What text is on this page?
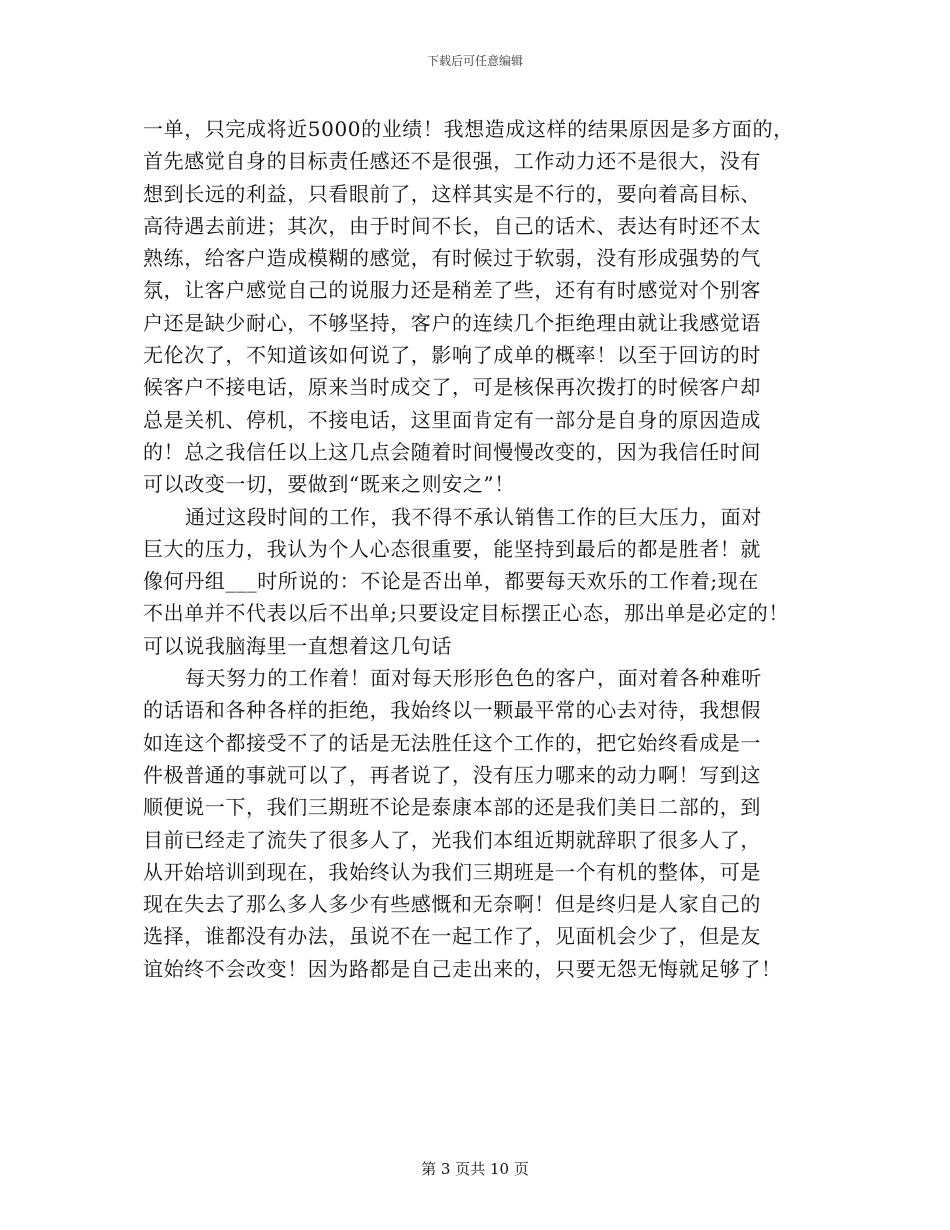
下载后可任意编辑
一单，只完成将近5000的业绩！我想造成这样的结果原因是多方面的，
首先感觉自身的目标责任感还不是很强，工作动力还不是很大，没有
想到长远的利益，只看眼前了，这样其实是不行的，要向着高目标、
高待遇去前进；其次，由于时间不长，自己的话术、表达有时还不太
熟练，给客户造成模糊的感觉，有时候过于软弱，没有形成强势的气
氛，让客户感觉自己的说服力还是稍差了些，还有有时感觉对个别客
户还是缺少耐心，不够坚持，客户的连续几个拒绝理由就让我感觉语
无伦次了，不知道该如何说了，影响了成单的概率！以至于回访的时
候客户不接电话，原来当时成交了，可是核保再次拨打的时候客户却
总是关机、停机，不接电话，这里面肯定有一部分是自身的原因造成
的！总之我信任以上这几点会随着时间慢慢改变的，因为我信任时间
可以改变一切，要做到“既来之则安之”！
通过这段时间的工作，我不得不承认销售工作的巨大压力，面对
巨大的压力，我认为个人心态很重要，能坚持到最后的都是胜者！就
像何丹组___时所说的：不论是否出单，都要每天欢乐的工作着;现在
不出单并不代表以后不出单;只要设定目标摆正心态，那出单是必定的！
可以说我脑海里一直想着这几句话
每天努力的工作着！面对每天形形色色的客户，面对着各种难听
的话语和各种各样的拒绝，我始终以一颗最平常的心去对待，我想假
如连这个都接受不了的话是无法胜任这个工作的，把它始终看成是一
件极普通的事就可以了，再者说了，没有压力哪来的动力啊！写到这
顺便说一下，我们三期班不论是泰康本部的还是我们美日二部的，到
目前已经走了流失了很多人了，光我们本组近期就辞职了很多人了，
从开始培训到现在，我始终认为我们三期班是一个有机的整体，可是
现在失去了那么多人多少有些感慨和无奈啊！但是终归是人家自己的
选择，谁都没有办法，虽说不在一起工作了，见面机会少了，但是友
谊始终不会改变！因为路都是自己走出来的，只要无怨无悔就足够了！
第 3 页共 10 页
